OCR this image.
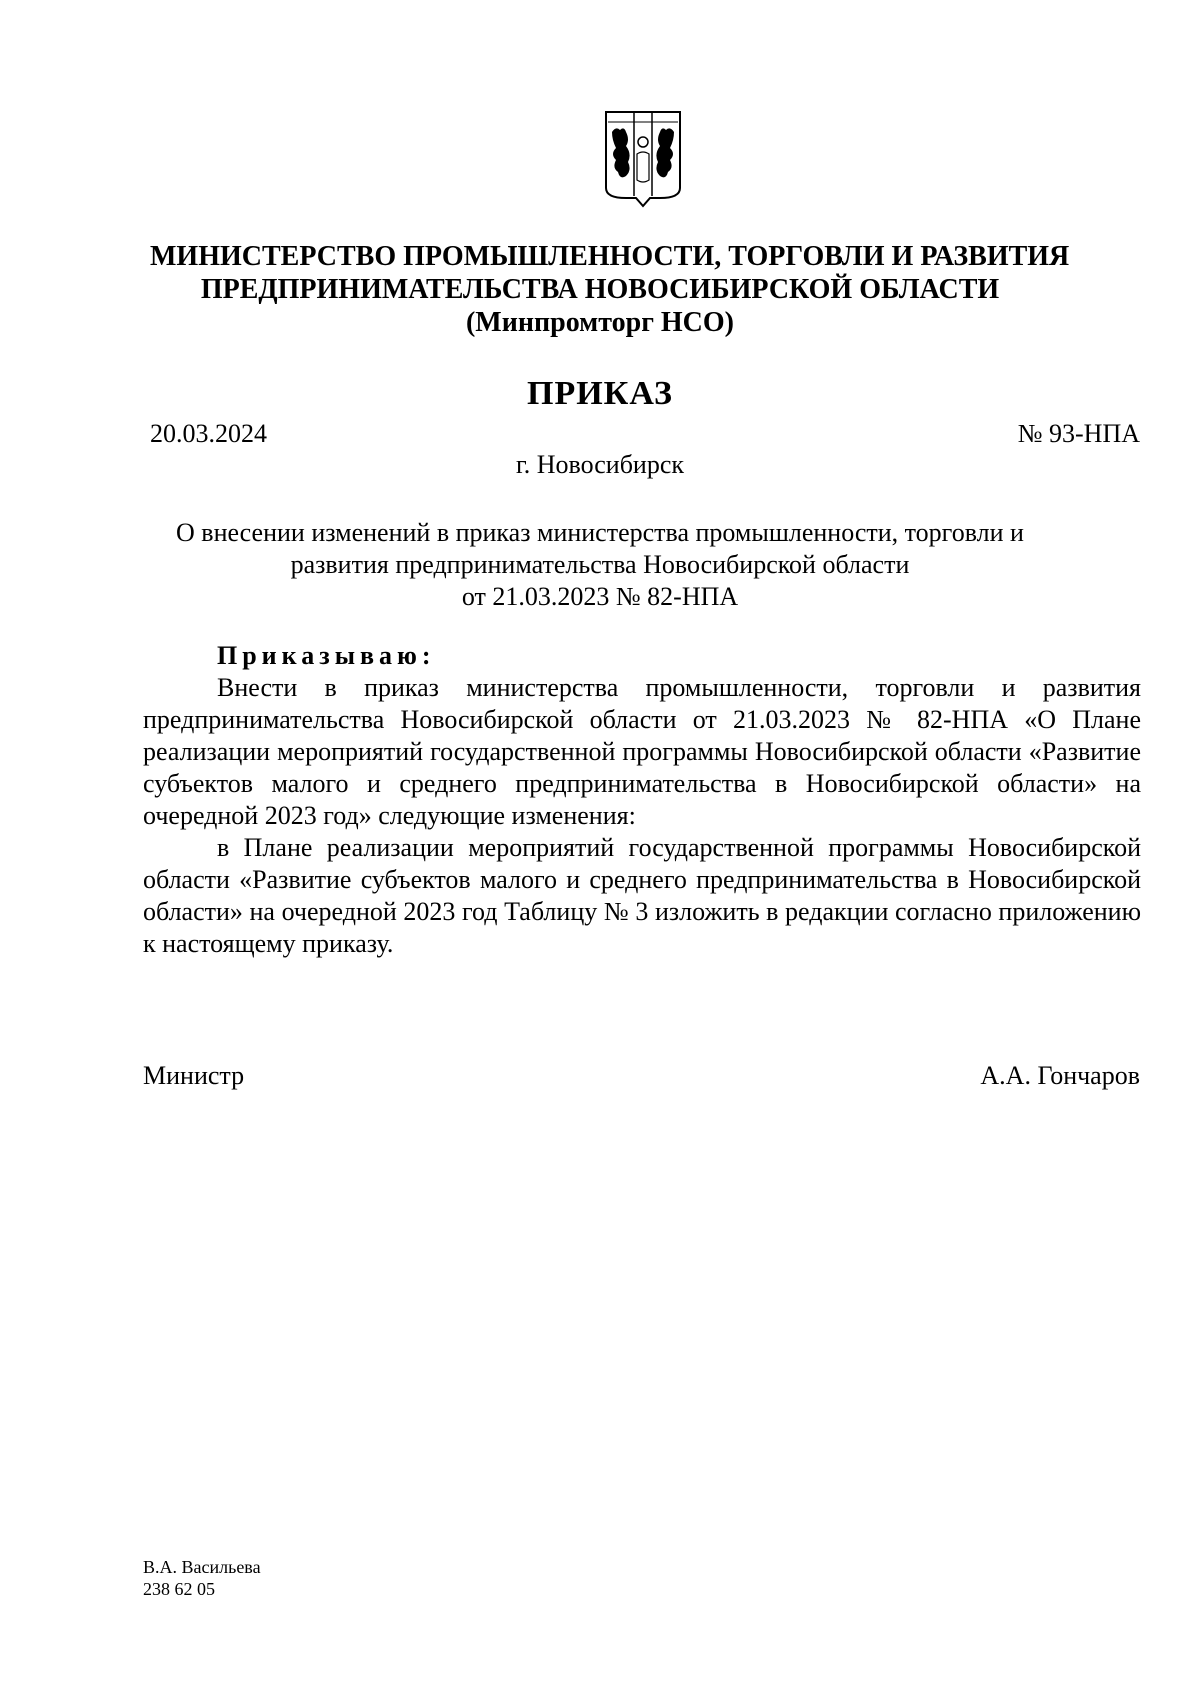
МИНИСТЕРСТВО ПРОМЫШЛЕННОСТИ, ТОРГОВЛИ И РАЗВИТИЯ
ПРЕДПРИНИМАТЕЛЬСТВА НОВОСИБИРСКОЙ ОБЛАСТИ
(Минпромторг НСО)
ПРИКАЗ
20.03.2024	№ 93-НПА
г. Новосибирск
О внесении изменений в приказ министерства промышленности, торговли и
развития предпринимательства Новосибирской области
от 21.03.2023 № 82-НПА

Приказываю:

Внести в приказ министерства промышленности, торговли и развития предпринимательства Новосибирской области от 21.03.2023 № 82-НПА «О Плане реализации мероприятий государственной программы Новосибирской области «Развитие субъектов малого и среднего предпринимательства в Новосибирской области» на очередной 2023 год» следующие изменения:

в Плане реализации мероприятий государственной программы Новосибирской области «Развитие субъектов малого и среднего предпринимательства в Новосибирской области» на очередной 2023 год Таблицу № 3 изложить в редакции согласно приложению к настоящему приказу.

Министр	А.А. Гончаров
В.А. Васильева
238 62 05
